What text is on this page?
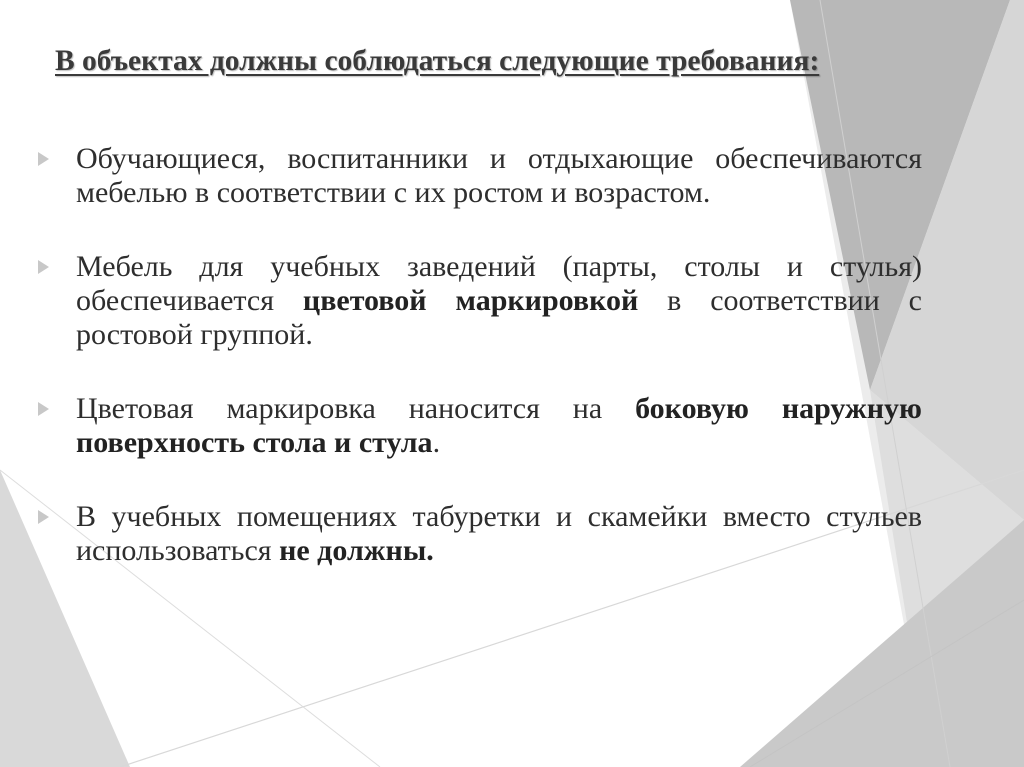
В объектах должны соблюдаться следующие требования:
Обучающиеся, воспитанники и отдыхающие обеспечиваются мебелью в соответствии с их ростом и возрастом.
Мебель для учебных заведений (парты, столы и стулья) обеспечивается цветовой маркировкой в соответствии с ростовой группой.
Цветовая маркировка наносится на боковую наружную поверхность стола и стула.
В учебных помещениях табуретки и скамейки вместо стульев использоваться не должны.
